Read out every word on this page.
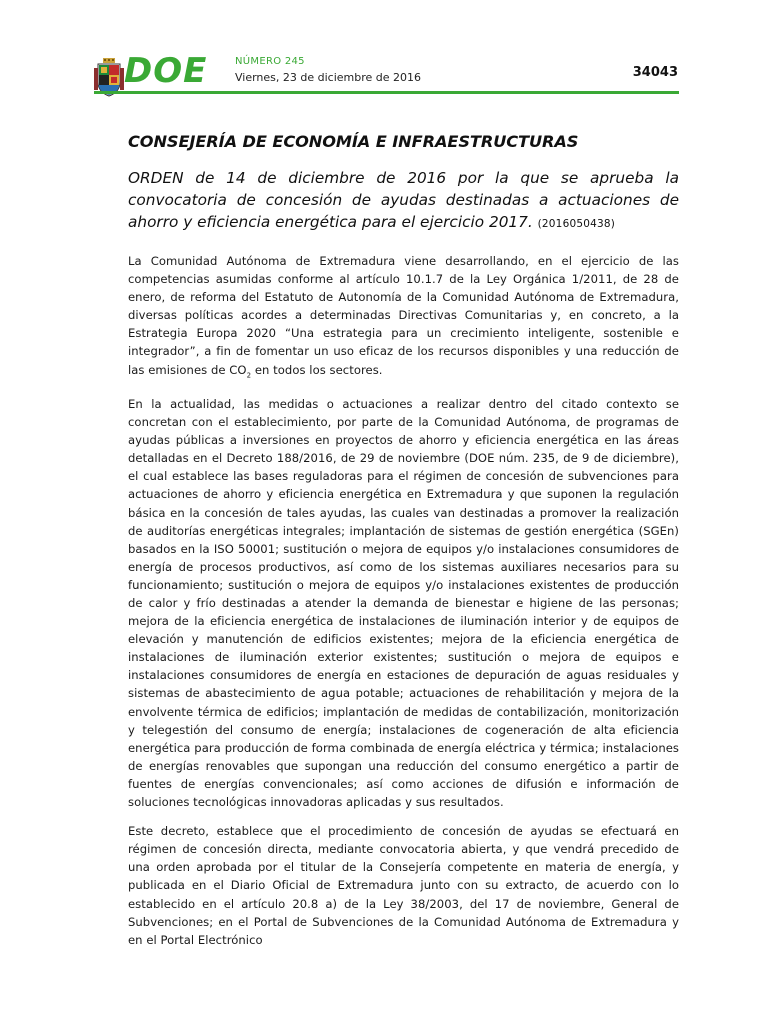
DOE	NÚMERO 245
Viernes, 23 de diciembre de 2016	34043
CONSEJERÍA DE ECONOMÍA E INFRAESTRUCTURAS
ORDEN de 14 de diciembre de 2016 por la que se aprueba la convocatoria de concesión de ayudas destinadas a actuaciones de ahorro y eficiencia energética para el ejercicio 2017. (2016050438)

La Comunidad Autónoma de Extremadura viene desarrollando, en el ejercicio de las competencias asumidas conforme al artículo 10.1.7 de la Ley Orgánica 1/2011, de 28 de enero, de reforma del Estatuto de Autonomía de la Comunidad Autónoma de Extremadura, diversas políticas acordes a determinadas Directivas Comunitarias y, en concreto, a la Estrategia Europa 2020 “Una estrategia para un crecimiento inteligente, sostenible e integrador”, a fin de fomentar un uso eficaz de los recursos disponibles y una reducción de las emisiones de $CO_2$ en todos los sectores.

En la actualidad, las medidas o actuaciones a realizar dentro del citado contexto se concretan con el establecimiento, por parte de la Comunidad Autónoma, de programas de ayudas públicas a inversiones en proyectos de ahorro y eficiencia energética en las áreas detalladas en el Decreto 188/2016, de 29 de noviembre (DOE núm. 235, de 9 de diciembre), el cual establece las bases reguladoras para el régimen de concesión de subvenciones para actuaciones de ahorro y eficiencia energética en Extremadura y que suponen la regulación básica en la concesión de tales ayudas, las cuales van destinadas a promover la realización de auditorías energéticas integrales; implantación de sistemas de gestión energética (SGEn) basados en la ISO 50001; sustitución o mejora de equipos y/o instalaciones consumidores de energía de procesos productivos, así como de los sistemas auxiliares necesarios para su funcionamiento; sustitución o mejora de equipos y/o instalaciones existentes de producción de calor y frío destinadas a atender la demanda de bienestar e higiene de las personas; mejora de la eficiencia energética de instalaciones de iluminación interior y de equipos de elevación y manutención de edificios existentes; mejora de la eficiencia energética de instalaciones de iluminación exterior existentes; sustitución o mejora de equipos e instalaciones consumidores de energía en estaciones de depuración de aguas residuales y sistemas de abastecimiento de agua potable; actuaciones de rehabilitación y mejora de la envolvente térmica de edificios; implantación de medidas de contabilización, monitorización y telegestión del consumo de energía; instalaciones de cogeneración de alta eficiencia energética para producción de forma combinada de energía eléctrica y térmica; instalaciones de energías renovables que supongan una reducción del consumo energético a partir de fuentes de energías convencionales; así como acciones de difusión e información de soluciones tecnológicas innovadoras aplicadas y sus resultados.

Este decreto, establece que el procedimiento de concesión de ayudas se efectuará en régimen de concesión directa, mediante convocatoria abierta, y que vendrá precedido de una orden aprobada por el titular de la Consejería competente en materia de energía, y publicada en el Diario Oficial de Extremadura junto con su extracto, de acuerdo con lo establecido en el artículo 20.8 a) de la Ley 38/2003, del 17 de noviembre, General de Subvenciones; en el Portal de Subvenciones de la Comunidad Autónoma de Extremadura y en el Portal Electrónico
